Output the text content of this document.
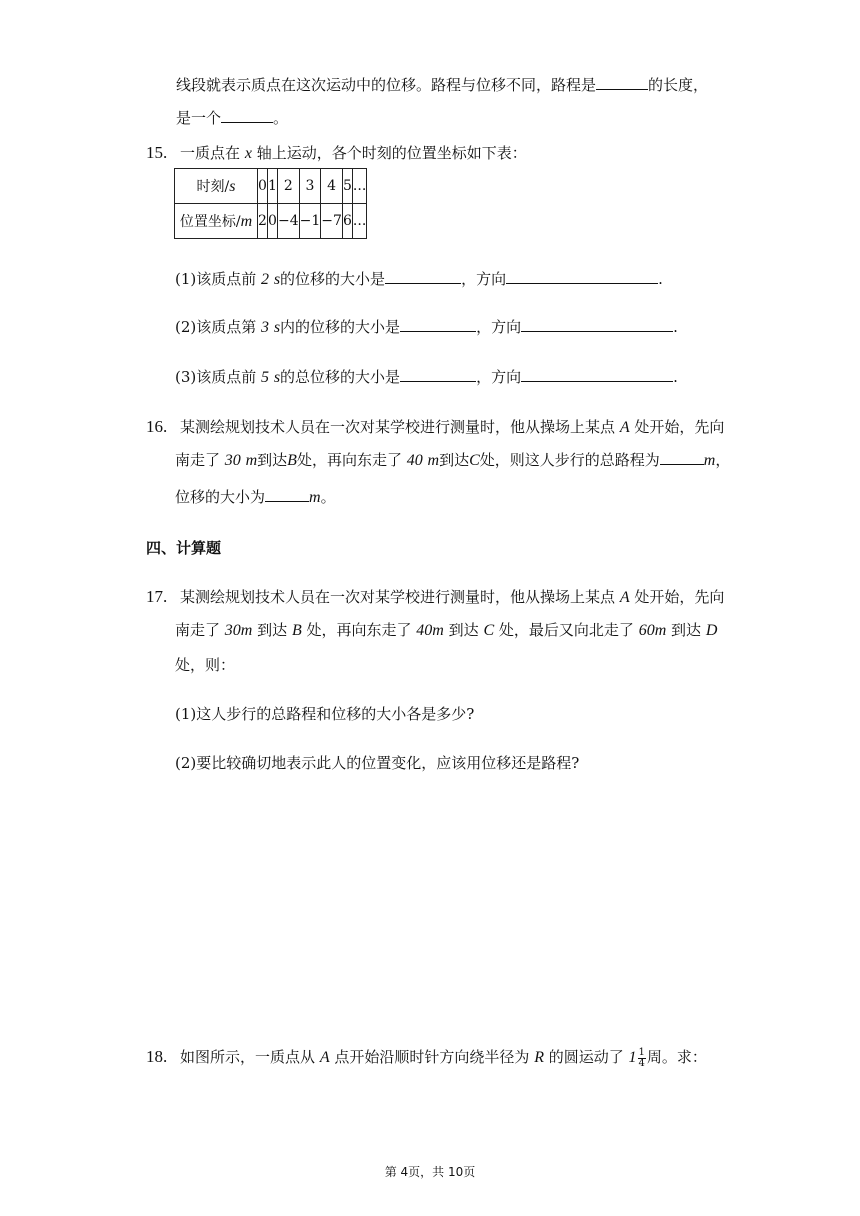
线段就表示质点在这次运动中的位移。路程与位移不同，路程是	的长度，
是一个	。
15. 一质点在 x 轴上运动，各个时刻的位置坐标如下表：
时刻/s	0	1	2	3	4	5	...
位置坐标/m	2	0	−4	−1	−7	6	...
(1)该质点前 2 s的位移的大小是	，方向	.
(2)该质点第 3 s内的位移的大小是	，方向	.
(3)该质点前 5 s的总位移的大小是	，方向	.
16. 某测绘规划技术人员在一次对某学校进行测量时，他从操场上某点 A 处开始，先向
南走了 30 m到达B处，再向东走了 40 m到达C处，则这人步行的总路程为	m，
位移的大小为	m。
四、计算题
17. 某测绘规划技术人员在一次对某学校进行测量时，他从操场上某点 A 处开始，先向
南走了 30m 到达 B 处，再向东走了 40m 到达 C 处，最后又向北走了 60m 到达 D
处，则：
(1)这人步行的总路程和位移的大小各是多少?
(2)要比较确切地表示此人的位置变化，应该用位移还是路程?
18. 如图所示，一质点从 A 点开始沿顺时针方向绕半径为 R 的圆运动了 $1 \frac{1}{4}$ 周。求：
第 4页，共 10页
